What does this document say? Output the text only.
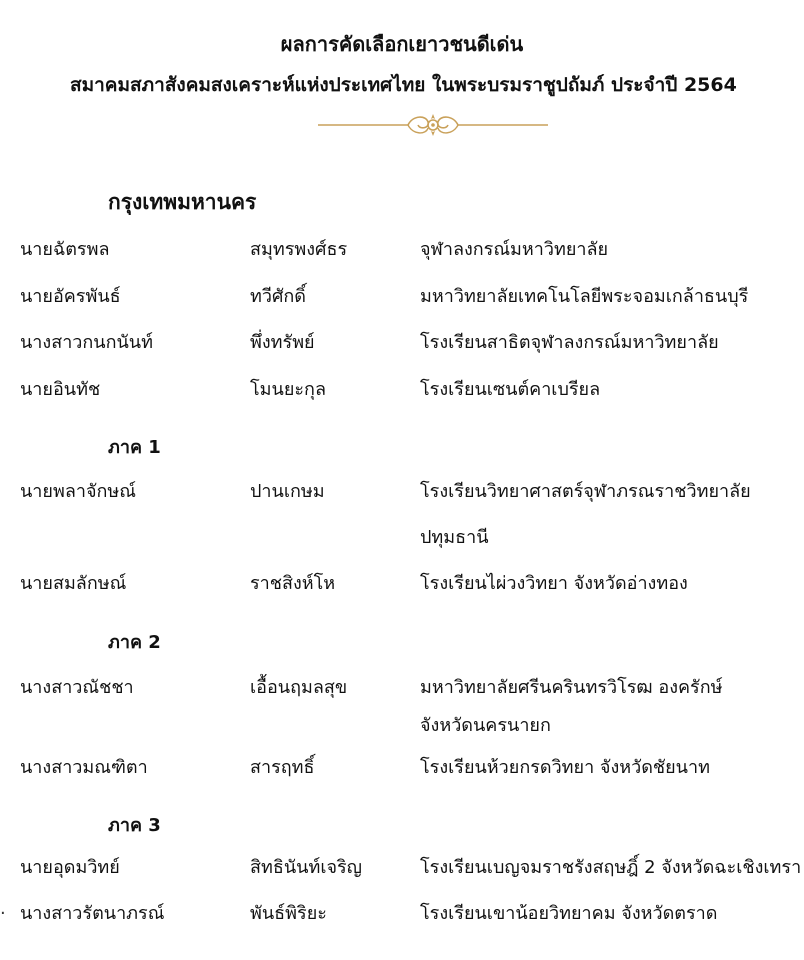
ผลการคัดเลือกเยาวชนดีเด่น
สมาคมสภาสังคมสงเคราะห์แห่งประเทศไทย ในพระบรมราชูปถัมภ์ ประจำปี 2564
กรุงเทพมหานคร
นายฉัตรพล	สมุทรพงศ์ธร	จุฬาลงกรณ์มหาวิทยาลัย
นายอัครพันธ์	ทวีศักดิ์	มหาวิทยาลัยเทคโนโลยีพระจอมเกล้าธนบุรี
นางสาวกนกนันท์	พึ่งทรัพย์	โรงเรียนสาธิตจุฬาลงกรณ์มหาวิทยาลัย
นายอินทัช	โมนยะกุล	โรงเรียนเซนต์คาเบรียล
ภาค 1
นายพลาจักษณ์	ปานเกษม	โรงเรียนวิทยาศาสตร์จุฬาภรณราชวิทยาลัย
ปทุมธานี
นายสมลักษณ์	ราชสิงห์โห	โรงเรียนไผ่วงวิทยา จังหวัดอ่างทอง
ภาค 2
นางสาวณัชชา	เอื้อนฤมลสุข	มหาวิทยาลัยศรีนครินทรวิโรฒ องครักษ์
จังหวัดนครนายก
นางสาวมณฑิตา	สารฤทธิ์	โรงเรียนห้วยกรดวิทยา จังหวัดชัยนาท
ภาค 3
นายอุดมวิทย์	สิทธินันท์เจริญ	โรงเรียนเบญจมราชรังสฤษฎิ์ 2 จังหวัดฉะเชิงเทรา
. นางสาวรัตนาภรณ์	พันธ์พิริยะ	โรงเรียนเขาน้อยวิทยาคม จังหวัดตราด
